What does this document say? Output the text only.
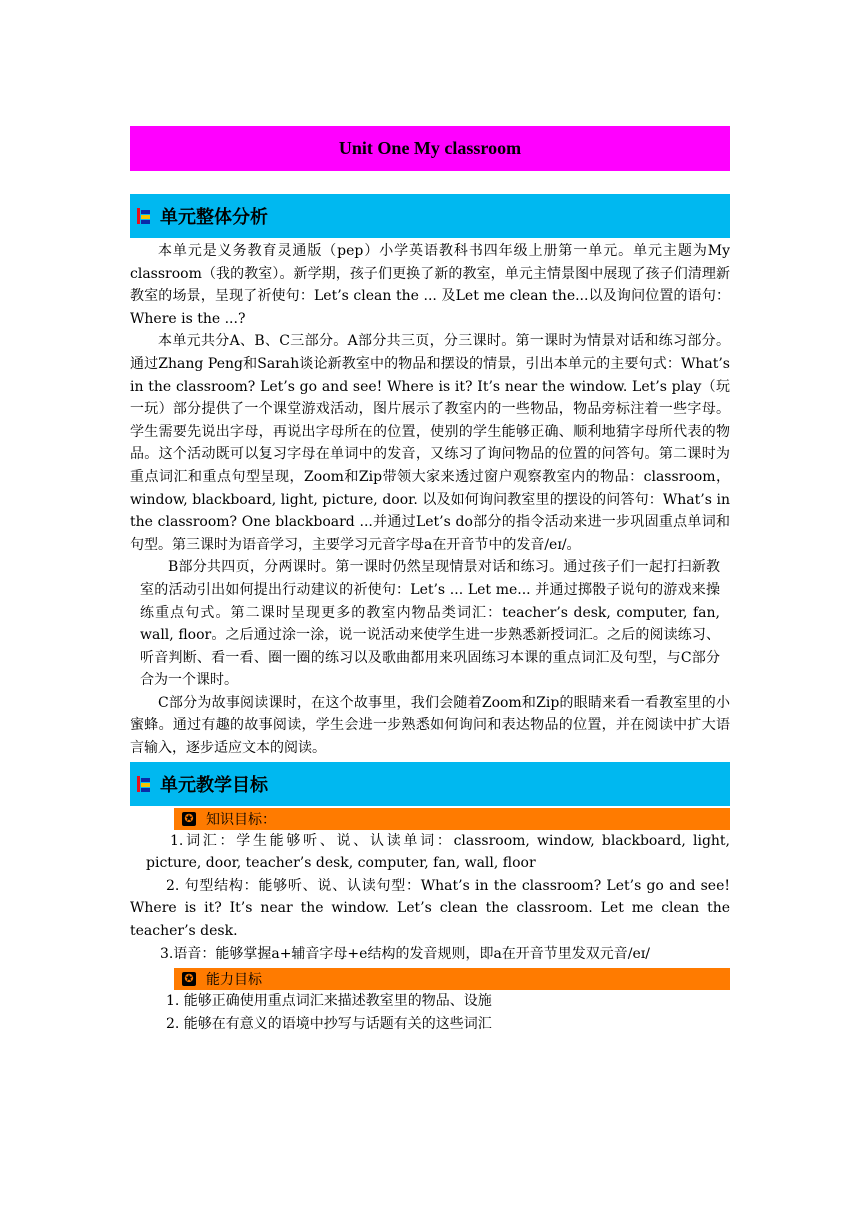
Unit One My classroom
单元整体分析

本单元是义务教育灵通版（pep）小学英语教科书四年级上册第一单元。单元主题为My classroom（我的教室）。新学期，孩子们更换了新的教室，单元主情景图中展现了孩子们清理新教室的场景，呈现了祈使句：Let’s clean the ... 及Let me clean the...以及询问位置的语句：Where is the ...?

本单元共分A、B、C三部分。A部分共三页，分三课时。第一课时为情景对话和练习部分。通过Zhang Peng和Sarah谈论新教室中的物品和摆设的情景，引出本单元的主要句式：What’s in the classroom? Let’s go and see! Where is it? It’s near the window. Let’s play（玩一玩）部分提供了一个课堂游戏活动，图片展示了教室内的一些物品，物品旁标注着一些字母。学生需要先说出字母，再说出字母所在的位置，使别的学生能够正确、顺利地猜字母所代表的物品。这个活动既可以复习字母在单词中的发音，又练习了询问物品的位置的问答句。第二课时为重点词汇和重点句型呈现，Zoom和Zip带领大家来透过窗户观察教室内的物品：classroom，window, blackboard, light, picture, door. 以及如何询问教室里的摆设的问答句：What’s in the classroom? One blackboard ...并通过Let’s do部分的指令活动来进一步巩固重点单词和句型。第三课时为语音学习，主要学习元音字母a在开音节中的发音/eɪ/。

B部分共四页，分两课时。第一课时仍然呈现情景对话和练习。通过孩子们一起打扫新教室的活动引出如何提出行动建议的祈使句：Let’s ... Let me... 并通过掷骰子说句的游戏来操练重点句式。第二课时呈现更多的教室内物品类词汇：teacher’s desk, computer, fan, wall, floor。之后通过涂一涂，说一说活动来使学生进一步熟悉新授词汇。之后的阅读练习、听音判断、看一看、圈一圈的练习以及歌曲都用来巩固练习本课的重点词汇及句型，与C部分合为一个课时。

C部分为故事阅读课时，在这个故事里，我们会随着Zoom和Zip的眼睛来看一看教室里的小蜜蜂。通过有趣的故事阅读，学生会进一步熟悉如何询问和表达物品的位置，并在阅读中扩大语言输入，逐步适应文本的阅读。

单元教学目标
✪ 知识目标：
1.词汇：学生能够听、说、认读单词：classroom, window, blackboard, light, picture, door, teacher’s desk, computer, fan, wall, floor
2. 句型结构：能够听、说、认读句型：What’s in the classroom? Let’s go and see! Where is it? It’s near the window. Let’s clean the classroom. Let me clean the teacher’s desk.
3.语音：能够掌握a+辅音字母+e结构的发音规则，即a在开音节里发双元音/eɪ/
✪ 能力目标
1. 能够正确使用重点词汇来描述教室里的物品、设施
2. 能够在有意义的语境中抄写与话题有关的这些词汇
